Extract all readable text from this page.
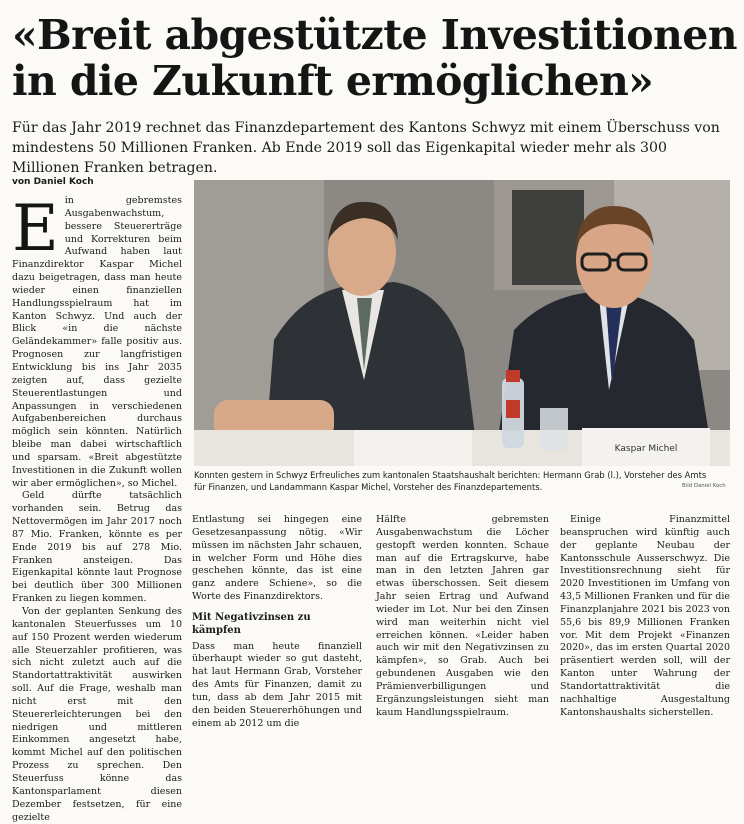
«Breit abgestützte Investitionen in die Zukunft ermöglichen»
Für das Jahr 2019 rechnet das Finanzdepartement des Kantons Schwyz mit einem Überschuss von mindestens 50 Millionen Franken. Ab Ende 2019 soll das Eigenkapital wieder mehr als 300 Millionen Franken betragen.
von Daniel Koch

Ein gebremstes Ausgabenwachstum, bessere Steuererträge und Korrekturen beim Aufwand haben laut Finanzdirektor Kaspar Michel dazu beigetragen, dass man heute wieder einen finanziellen Handlungsspielraum hat im Kanton Schwyz. Und auch der Blick «in die nächste Geländekammer» falle positiv aus. Prognosen zur langfristigen Entwicklung bis ins Jahr 2035 zeigten auf, dass gezielte Steuerentlastungen und Anpassungen in verschiedenen Aufgabenbereichen durchaus möglich sein könnten. Natürlich bleibe man dabei wirtschaftlich und sparsam. «Breit abgestützte Investitionen in die Zukunft wollen wir aber ermöglichen», so Michel.

Geld dürfte tatsächlich vorhanden sein. Betrug das Nettovermögen im Jahr 2017 noch 87 Mio. Franken, könnte es per Ende 2019 bis auf 278 Mio. Franken ansteigen. Das Eigenkapital könnte laut Prognose bei deutlich über 300 Millionen Franken zu liegen kommen.

Von der geplanten Senkung des kantonalen Steuerfusses um 10 auf 150 Prozent werden wiederum alle Steuerzahler profitieren, was sich nicht zuletzt auch auf die Standortattraktivität auswirken soll. Auf die Frage, weshalb man nicht erst mit den Steuererleichterungen bei den niedrigen und mittleren Einkommen angesetzt habe, kommt Michel auf den politischen Prozess zu sprechen. Den Steuerfuss könne das Kantonsparlament diesen Dezember festsetzen, für eine gezielte

Kaspar Michel
Konnten gestern in Schwyz Erfreuliches zum kantonalen Staatshaushalt berichten: Hermann Grab (l.), Vorsteher des Amts für Finanzen, und Landammann Kaspar Michel, Vorsteher des Finanzdepartements.	Bild Daniel Koch

Entlastung sei hingegen eine Gesetzesanpassung nötig. «Wir müssen im nächsten Jahr schauen, in welcher Form und Höhe dies geschehen könnte, das ist eine ganz andere Schiene», so die Worte des Finanzdirektors.

Mit Negativzinsen zu kämpfen

Dass man heute finanziell überhaupt wieder so gut dasteht, hat laut Hermann Grab, Vorsteher des Amts für Finanzen, damit zu tun, dass ab dem Jahr 2015 mit den beiden Steuererhöhungen und einem ab 2012 um die

Hälfte gebremsten Ausgabenwachstum die Löcher gestopft werden konnten. Schaue man auf die Ertragskurve, habe man in den letzten Jahren gar etwas überschossen. Seit diesem Jahr seien Ertrag und Aufwand wieder im Lot. Nur bei den Zinsen wird man weiterhin nicht viel erreichen können. «Leider haben auch wir mit den Negativzinsen zu kämpfen», so Grab. Auch bei gebundenen Ausgaben wie den Prämienverbilligungen und Ergänzungsleistungen sieht man kaum Handlungsspielraum.

Einige Finanzmittel beanspruchen wird künftig auch der geplante Neubau der Kantonsschule Ausserschwyz. Die Investitionsrechnung sieht für 2020 Investitionen im Umfang von 43,5 Millionen Franken und für die Finanzplanjahre 2021 bis 2023 von 55,6 bis 89,9 Millionen Franken vor. Mit dem Projekt «Finanzen 2020», das im ersten Quartal 2020 präsentiert werden soll, will der Kanton unter Wahrung der Standortattraktivität die nachhaltige Ausgestaltung Kantonshaushalts sicherstellen.
